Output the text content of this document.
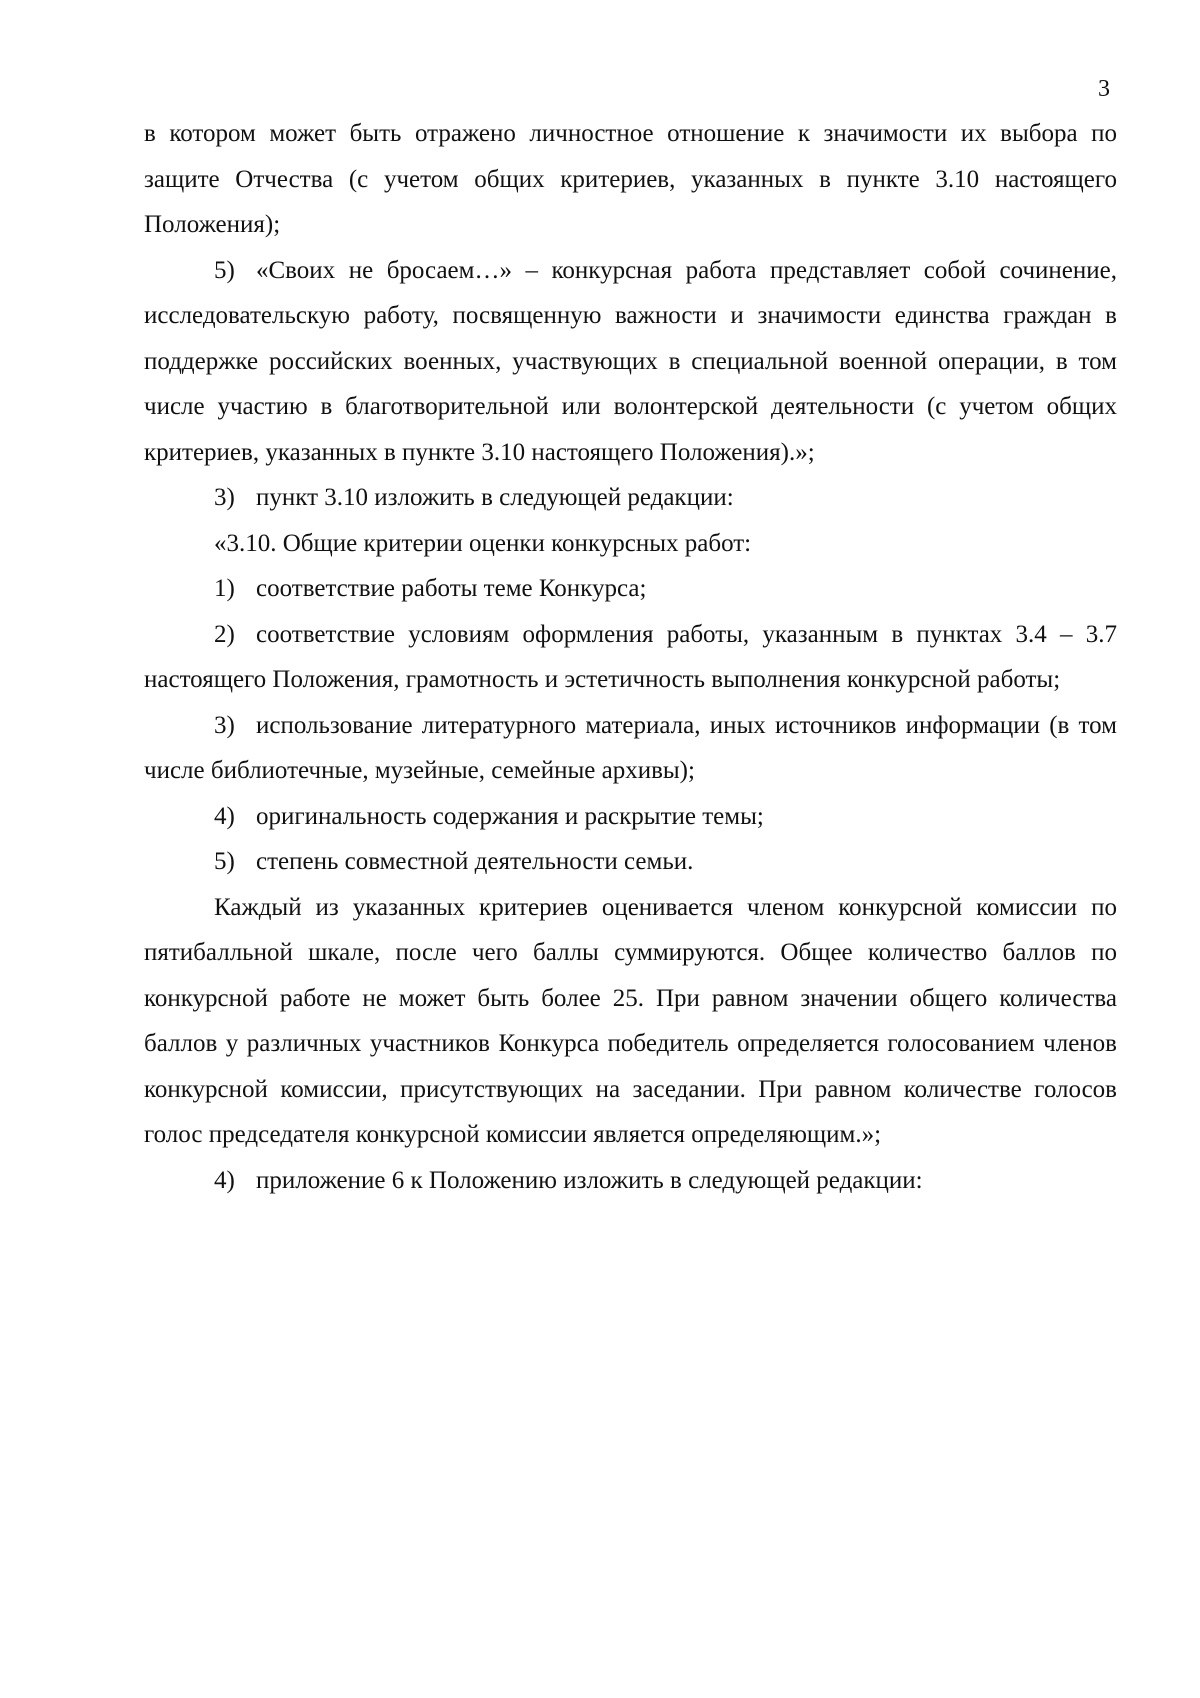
3

в котором может быть отражено личностное отношение к значимости их выбора по защите Отчества (с учетом общих критериев, указанных в пункте 3.10 настоящего Положения);

5) «Своих не бросаем…» – конкурсная работа представляет собой сочинение, исследовательскую работу, посвященную важности и значимости единства граждан в поддержке российских военных, участвующих в специальной военной операции, в том числе участию в благотворительной или волонтерской деятельности (с учетом общих критериев, указанных в пункте 3.10 настоящего Положения).»;

3) пункт 3.10 изложить в следующей редакции:

«3.10. Общие критерии оценки конкурсных работ:

1) соответствие работы теме Конкурса;

2) соответствие условиям оформления работы, указанным в пунктах 3.4 – 3.7 настоящего Положения, грамотность и эстетичность выполнения конкурсной работы;

3) использование литературного материала, иных источников информации (в том числе библиотечные, музейные, семейные архивы);

4) оригинальность содержания и раскрытие темы;

5) степень совместной деятельности семьи.

Каждый из указанных критериев оценивается членом конкурсной комиссии по пятибалльной шкале, после чего баллы суммируются. Общее количество баллов по конкурсной работе не может быть более 25. При равном значении общего количества баллов у различных участников Конкурса победитель определяется голосованием членов конкурсной комиссии, присутствующих на заседании. При равном количестве голосов голос председателя конкурсной комиссии является определяющим.»;

4) приложение 6 к Положению изложить в следующей редакции:
